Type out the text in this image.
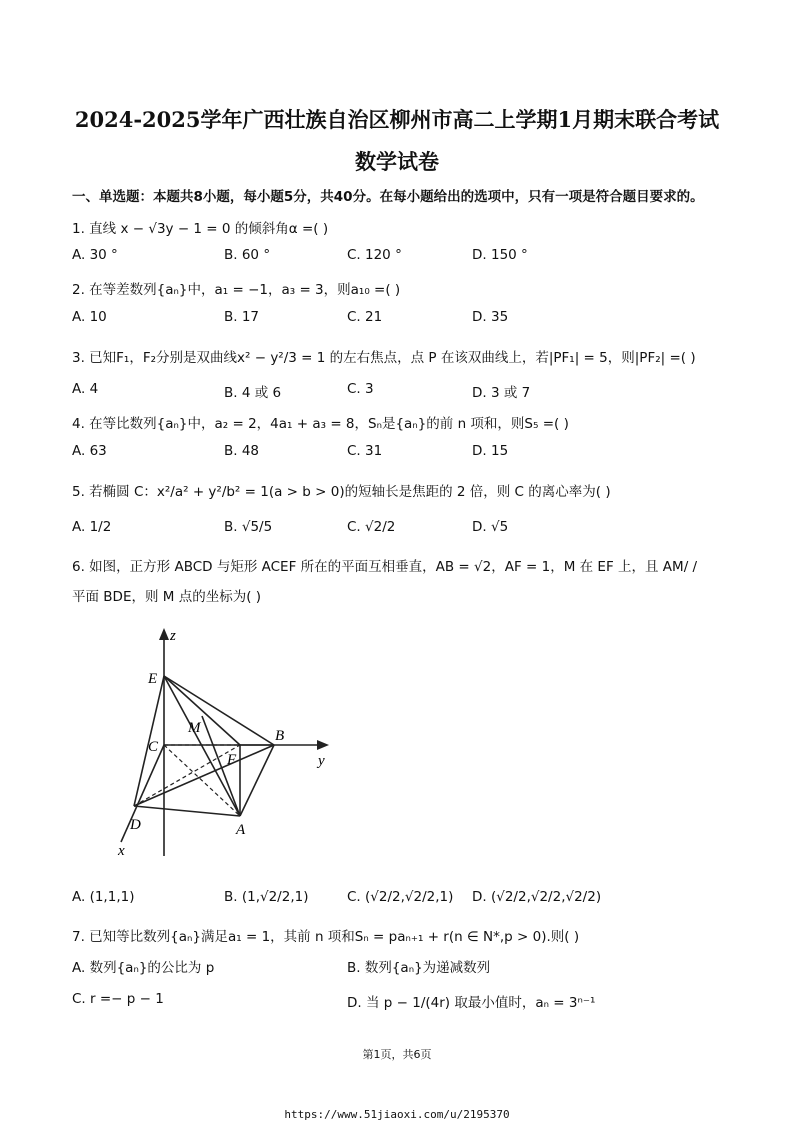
2024-2025学年广西壮族自治区柳州市高二上学期1月期末联合考试
数学试卷
一、单选题：本题共8小题，每小题5分，共40分。在每小题给出的选项中，只有一项是符合题目要求的。
1. 直线 x − √3y − 1 = 0 的倾斜角α =( )
A. 30 °	B. 60 °	C. 120 °	D. 150 °
2. 在等差数列{aₙ}中，a₁ = −1，a₃ = 3，则a₁₀ =( )
A. 10	B. 17	C. 21	D. 35
3. 已知F₁，F₂分别是双曲线x² − y²/3 = 1 的左右焦点，点 P 在该双曲线上，若|PF₁| = 5，则|PF₂| =( )
A. 4	B. 4 或 6	C. 3	D. 3 或 7
4. 在等比数列{aₙ}中，a₂ = 2，4a₁ + a₃ = 8，Sₙ是{aₙ}的前 n 项和，则S₅ =( )
A. 63	B. 48	C. 31	D. 15
5. 若椭圆 C：x²/a² + y²/b² = 1(a > b > 0)的短轴长是焦距的 2 倍，则 C 的离心率为( )
A. 1/2	B. √5/5	C. √2/2	D. √5
6. 如图，正方形 ABCD 与矩形 ACEF 所在的平面互相垂直，AB = √2，AF = 1，M 在 EF 上，且 AM/ /
平面 BDE，则 M 点的坐标为( )
z
y
x
E
M
C
F
B
D	A
A. (1,1,1)	B. (1,√2/2,1)	C. (√2/2,√2/2,1) D. (√2/2,√2/2,√2/2)
7. 已知等比数列{aₙ}满足a₁ = 1，其前 n 项和Sₙ = paₙ₊₁ + r(n ∈ N*,p > 0).则( )
A. 数列{aₙ}的公比为 p	B. 数列{aₙ}为递减数列
C. r =− p − 1	D. 当 p − 1/(4r) 取最小值时，aₙ = 3ⁿ⁻¹
第1页，共6页
https://www.51jiaoxi.com/u/2195370
